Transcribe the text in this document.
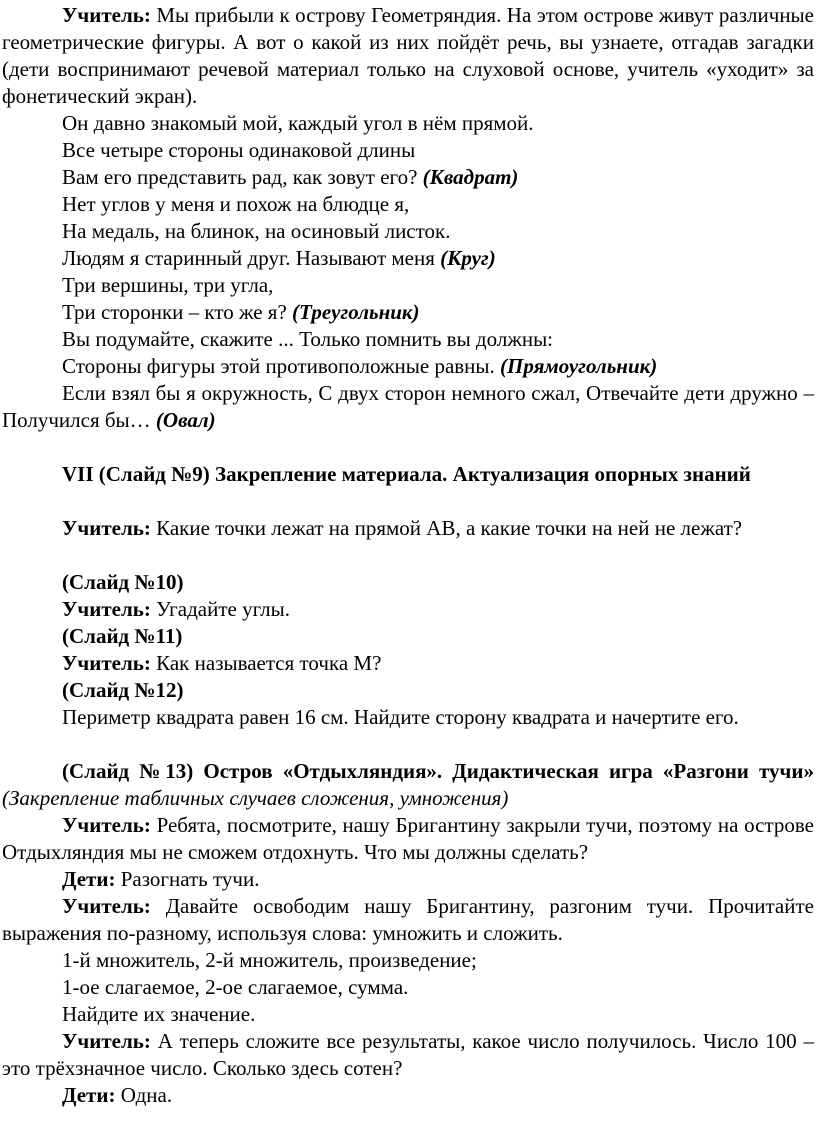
Учитель: Мы прибыли к острову Геометряндия. На этом острове живут различные геометрические фигуры. А вот о какой из них пойдёт речь, вы узнаете, отгадав загадки (дети воспринимают речевой материал только на слуховой основе, учитель «уходит» за фонетический экран).

Он давно знакомый мой, каждый угол в нём прямой.

Все четыре стороны одинаковой длины

Вам его представить рад, как зовут его? (Квадрат)

Нет углов у меня и похож на блюдце я,

На медаль, на блинок, на осиновый листок.

Людям я старинный друг. Называют меня (Круг)

Три вершины, три угла,

Три сторонки – кто же я? (Треугольник)

Вы подумайте, скажите ... Только помнить вы должны:

Стороны фигуры этой противоположные равны. (Прямоугольник)

Если взял бы я окружность, С двух сторон немного сжал, Отвечайте дети дружно – Получился бы… (Овал)

VII (Слайд №9) Закрепление материала. Актуализация опорных знаний

Учитель: Какие точки лежат на прямой АВ, а какие точки на ней не лежат?

(Слайд №10)

Учитель: Угадайте углы.

(Слайд №11)

Учитель: Как называется точка М?

(Слайд №12)

Периметр квадрата равен 16 см. Найдите сторону квадрата и начертите его.

(Слайд №13) Остров «Отдыхляндия». Дидактическая игра «Разгони тучи» (Закрепление табличных случаев сложения, умножения)

Учитель: Ребята, посмотрите, нашу Бригантину закрыли тучи, поэтому на острове Отдыхляндия мы не сможем отдохнуть. Что мы должны сделать?

Дети: Разогнать тучи.

Учитель: Давайте освободим нашу Бригантину, разгоним тучи. Прочитайте выражения по-разному, используя слова: умножить и сложить.

1-й множитель, 2-й множитель, произведение;

1-ое слагаемое, 2-ое слагаемое, сумма.

Найдите их значение.

Учитель: А теперь сложите все результаты, какое число получилось. Число 100 – это трёхзначное число. Сколько здесь сотен?

Дети: Одна.
